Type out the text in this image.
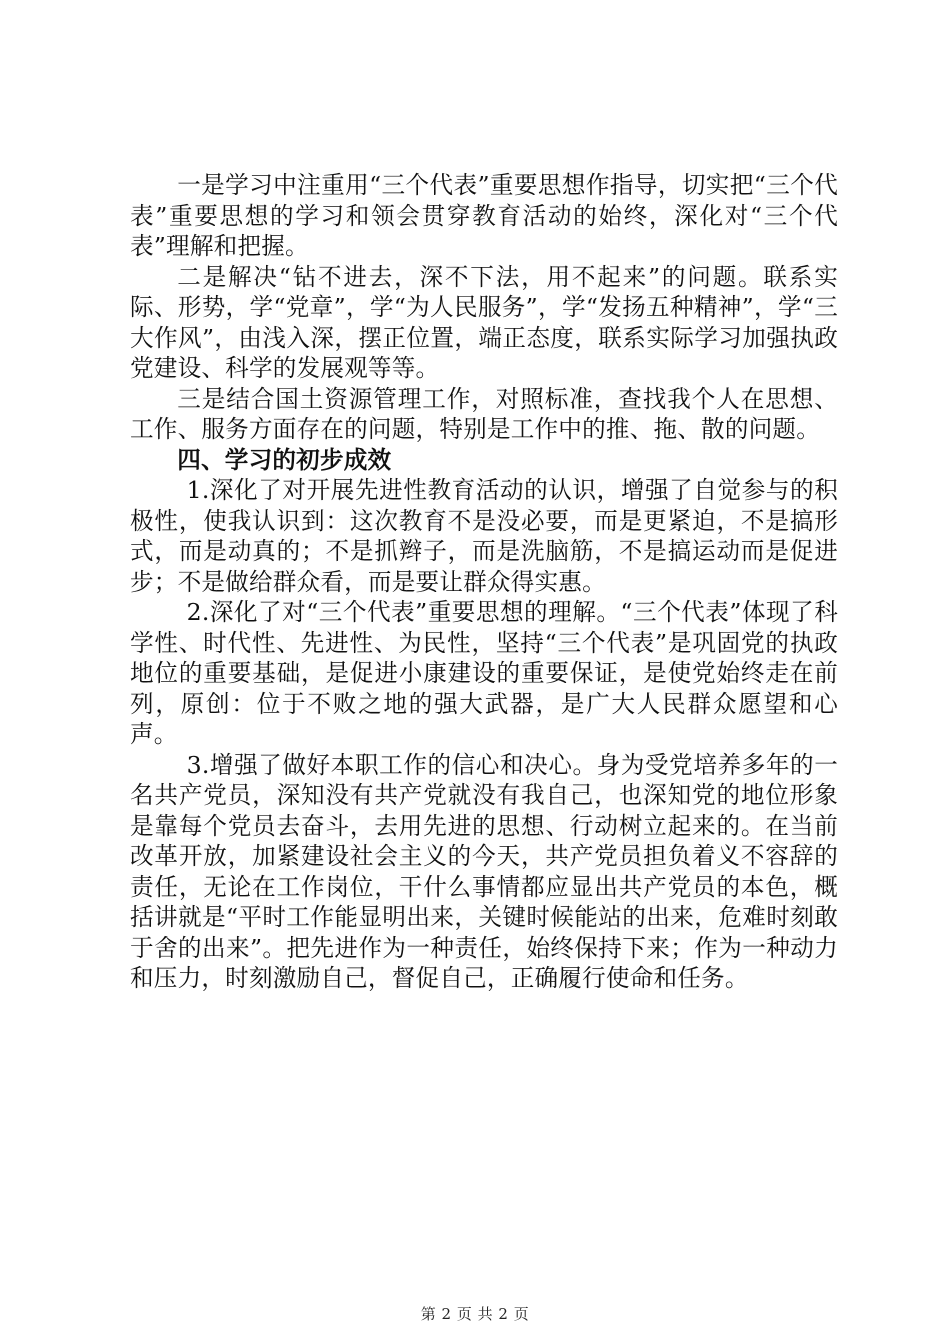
一是学习中注重用“三个代表”重要思想作指导，切实把“三个代表”重要思想的学习和领会贯穿教育活动的始终，深化对“三个代表”理解和把握。

二是解决“钻不进去，深不下法，用不起来”的问题。联系实际、形势，学“党章”，学“为人民服务”，学“发扬五种精神”，学“三大作风”，由浅入深，摆正位置，端正态度，联系实际学习加强执政党建设、科学的发展观等等。

三是结合国土资源管理工作，对照标准，查找我个人在思想、工作、服务方面存在的问题，特别是工作中的推、拖、散的问题。

四、学习的初步成效

1.深化了对开展先进性教育活动的认识，增强了自觉参与的积极性，使我认识到：这次教育不是没必要，而是更紧迫，不是搞形式，而是动真的；不是抓辫子，而是洗脑筋，不是搞运动而是促进步；不是做给群众看，而是要让群众得实惠。

2.深化了对“三个代表”重要思想的理解。“三个代表”体现了科学性、时代性、先进性、为民性，坚持“三个代表”是巩固党的执政地位的重要基础，是促进小康建设的重要保证，是使党始终走在前列，原创：位于不败之地的强大武器，是广大人民群众愿望和心声。

3.增强了做好本职工作的信心和决心。身为受党培养多年的一名共产党员，深知没有共产党就没有我自己，也深知党的地位形象是靠每个党员去奋斗，去用先进的思想、行动树立起来的。在当前改革开放，加紧建设社会主义的今天，共产党员担负着义不容辞的责任，无论在工作岗位，干什么事情都应显出共产党员的本色，概括讲就是“平时工作能显明出来，关键时候能站的出来，危难时刻敢于舍的出来”。把先进作为一种责任，始终保持下来；作为一种动力和压力，时刻激励自己，督促自己，正确履行使命和任务。

第 2 页 共 2 页
